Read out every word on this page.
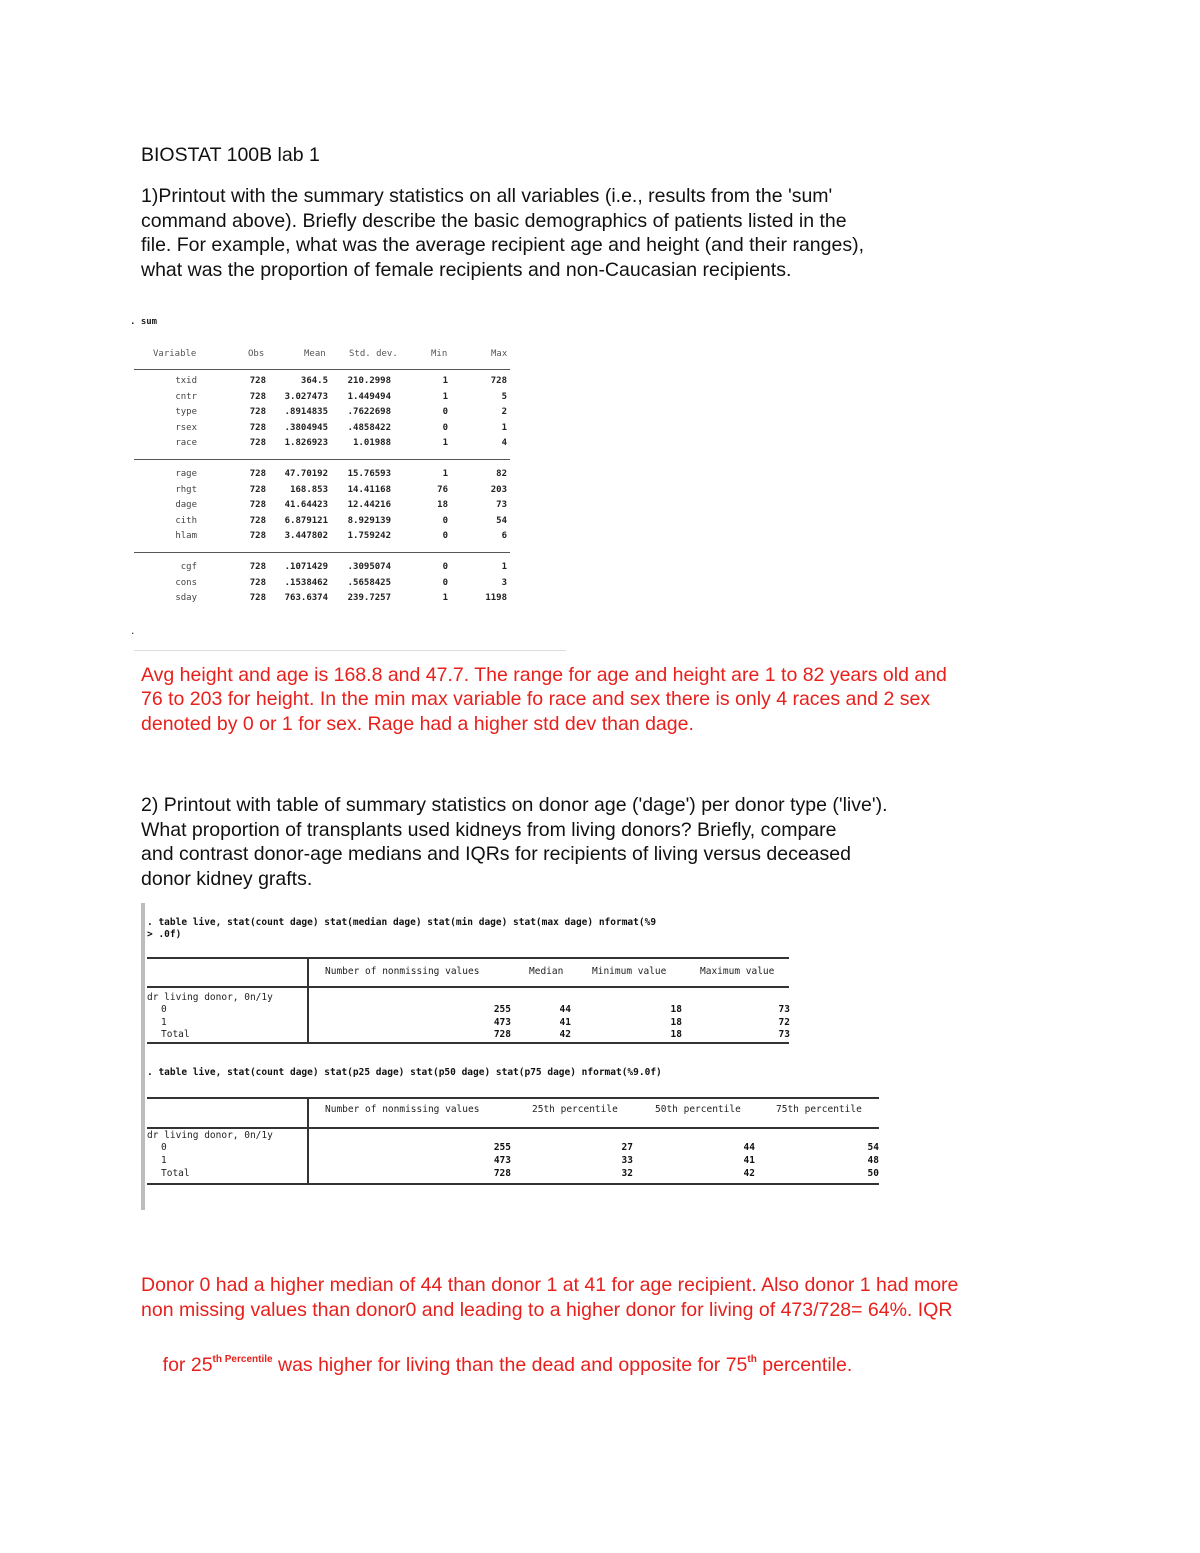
BIOSTAT 100B lab 1

1)Printout with the summary statistics on all variables (i.e., results from the 'sum'

command above). Briefly describe the basic demographics of patients listed in the

file. For example, what was the average recipient age and height (and their ranges),

what was the proportion of female recipients and non-Caucasian recipients.

. sum
Variable	Obs	Mean	Std. dev.	Min	Max
txid	728	364.5 210.2998	1	728
cntr	728 3.027473 1.449494	1	5
type	728 .8914835 .7622698	0	2
rsex	728 .3804945 .4858422	0	1
race	728 1.826923	1.01988	1	4
rage	728 47.70192 15.76593	1	82
rhgt	728	168.853 14.41168	76	203
dage	728 41.64423 12.44216	18	73
cith	728 6.879121 8.929139	0	54
hlam	728 3.447802 1.759242	0	6
cgf	728 .1071429 .3095074	0	1
cons	728 .1538462 .5658425	0	3
sday	728 763.6374 239.7257	1	1198
.

Avg height and age is 168.8 and 47.7. The range for age and height are 1 to 82 years old and

76 to 203 for height. In the min max variable fo race and sex there is only 4 races and 2 sex

denoted by 0 or 1 for sex. Rage had a higher std dev than dage.

2) Printout with table of summary statistics on donor age ('dage') per donor type ('live').

What proportion of transplants used kidneys from living donors? Briefly, compare

and contrast donor-age medians and IQRs for recipients of living versus deceased

donor kidney grafts.

. table live, stat(count dage) stat(median dage) stat(min dage) stat(max dage) nformat(%9
> .0f)
Number of nonmissing values	Median	Minimum value	Maximum value
dr living donor, 0n/1y
0	255	44	18	73
1	473	41	18	72
Total	728	42	18	73
. table live, stat(count dage) stat(p25 dage) stat(p50 dage) stat(p75 dage) nformat(%9.0f)
Number of nonmissing values	25th percentile	50th percentile	75th percentile
dr living donor, 0n/1y
0	255	27	44	54
1	473	33	41	48
Total	728	32	42	50

Donor 0 had a higher median of 44 than donor 1 at 41 for age recipient. Also donor 1 had more

non missing values than donor0 and leading to a higher donor for living of 473/728= 64%. IQR

for $25^{th Percentile}$ was higher for living than the dead and opposite for 75th percentile.
